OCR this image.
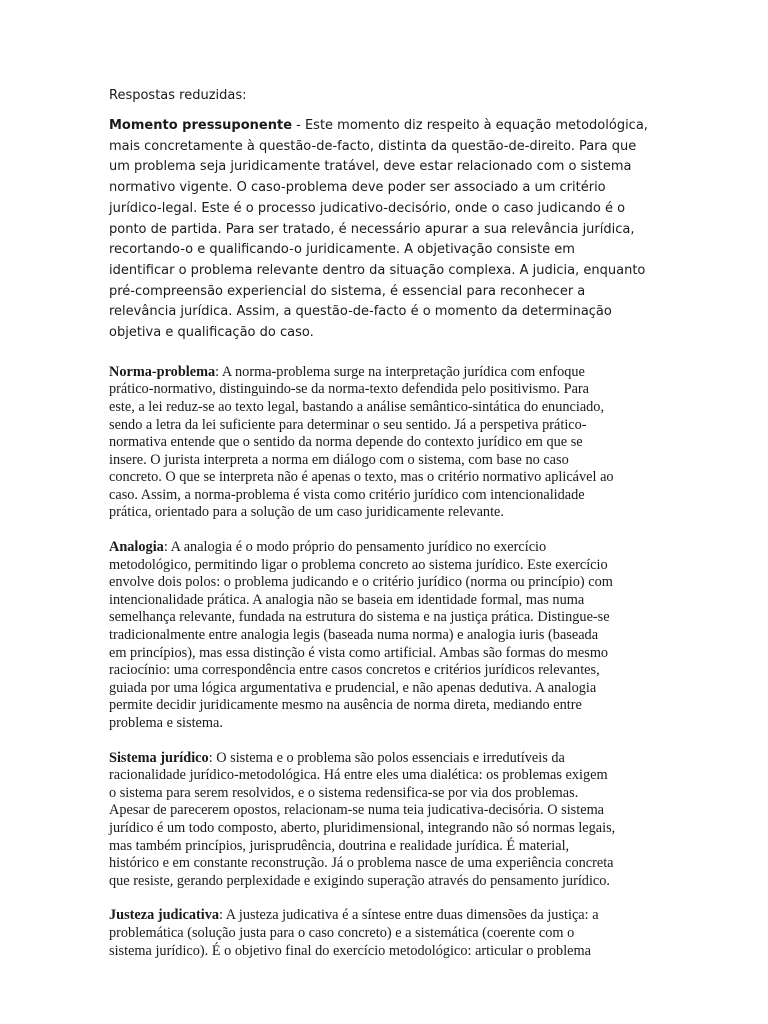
Respostas reduzidas:

Momento pressuponente - Este momento diz respeito à equação metodológica,
mais concretamente à questão-de-facto, distinta da questão-de-direito. Para que
um problema seja juridicamente tratável, deve estar relacionado com o sistema
normativo vigente. O caso-problema deve poder ser associado a um critério
jurídico-legal. Este é o processo judicativo-decisório, onde o caso judicando é o
ponto de partida. Para ser tratado, é necessário apurar a sua relevância jurídica,
recortando-o e qualificando-o juridicamente. A objetivação consiste em
identificar o problema relevante dentro da situação complexa. A judicia, enquanto
pré-compreensão experiencial do sistema, é essencial para reconhecer a
relevância jurídica. Assim, a questão-de-facto é o momento da determinação
objetiva e qualificação do caso.

Norma-problema: A norma-problema surge na interpretação jurídica com enfoque
prático-normativo, distinguindo-se da norma-texto defendida pelo positivismo. Para
este, a lei reduz-se ao texto legal, bastando a análise semântico-sintática do enunciado,
sendo a letra da lei suficiente para determinar o seu sentido. Já a perspetiva prático-
normativa entende que o sentido da norma depende do contexto jurídico em que se
insere. O jurista interpreta a norma em diálogo com o sistema, com base no caso
concreto. O que se interpreta não é apenas o texto, mas o critério normativo aplicável ao
caso. Assim, a norma-problema é vista como critério jurídico com intencionalidade
prática, orientado para a solução de um caso juridicamente relevante.

Analogia: A analogia é o modo próprio do pensamento jurídico no exercício
metodológico, permitindo ligar o problema concreto ao sistema jurídico. Este exercício
envolve dois polos: o problema judicando e o critério jurídico (norma ou princípio) com
intencionalidade prática. A analogia não se baseia em identidade formal, mas numa
semelhança relevante, fundada na estrutura do sistema e na justiça prática. Distingue-se
tradicionalmente entre analogia legis (baseada numa norma) e analogia iuris (baseada
em princípios), mas essa distinção é vista como artificial. Ambas são formas do mesmo
raciocínio: uma correspondência entre casos concretos e critérios jurídicos relevantes,
guiada por uma lógica argumentativa e prudencial, e não apenas dedutiva. A analogia
permite decidir juridicamente mesmo na ausência de norma direta, mediando entre
problema e sistema.

Sistema jurídico: O sistema e o problema são polos essenciais e irredutíveis da
racionalidade jurídico-metodológica. Há entre eles uma dialética: os problemas exigem
o sistema para serem resolvidos, e o sistema redensifica-se por via dos problemas.
Apesar de parecerem opostos, relacionam-se numa teia judicativa-decisória. O sistema
jurídico é um todo composto, aberto, pluridimensional, integrando não só normas legais,
mas também princípios, jurisprudência, doutrina e realidade jurídica. É material,
histórico e em constante reconstrução. Já o problema nasce de uma experiência concreta
que resiste, gerando perplexidade e exigindo superação através do pensamento jurídico.

Justeza judicativa: A justeza judicativa é a síntese entre duas dimensões da justiça: a
problemática (solução justa para o caso concreto) e a sistemática (coerente com o
sistema jurídico). É o objetivo final do exercício metodológico: articular o problema
